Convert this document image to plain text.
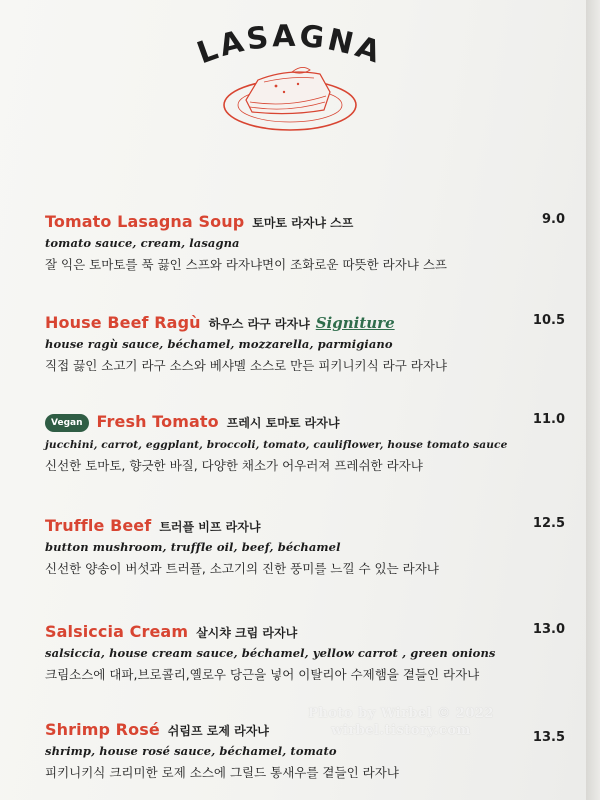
LASAGNA
Tomato Lasagna Soup 토마토 라자냐 스프	9.0
tomato sauce, cream, lasagna
잘 익은 토마토를 푹 끓인 스프와 라자냐면이 조화로운 따뜻한 라자냐 스프
House Beef Ragù 하우스 라구 라자냐 Signiture	10.5
house ragù sauce, béchamel, mozzarella, parmigiano
직접 끓인 소고기 라구 소스와 베샤멜 소스로 만든 피키니키식 라구 라자냐
Vegan Fresh Tomato 프레시 토마토 라자냐	11.0
jucchini, carrot, eggplant, broccoli, tomato, cauliflower, house tomato sauce
신선한 토마토, 향긋한 바질, 다양한 채소가 어우러져 프레쉬한 라자냐
Truffle Beef 트러플 비프 라자냐	12.5
button mushroom, truffle oil, beef, béchamel
신선한 양송이 버섯과 트러플, 소고기의 진한 풍미를 느낄 수 있는 라자냐
Salsiccia Cream 살시챠 크림 라자냐	13.0
salsiccia, house cream sauce, béchamel, yellow carrot , green onions
크림소스에 대파,브로콜리,옐로우 당근을 넣어 이탈리아 수제햄을 곁들인 라자냐
Shrimp Rosé 쉬림프 로제 라자냐	13.5
shrimp, house rosé sauce, béchamel, tomato
피키니키식 크리미한 로제 소스에 그릴드 통새우를 곁들인 라자냐
Photo by Wirbel © 2022
wirbel.tistory.com
